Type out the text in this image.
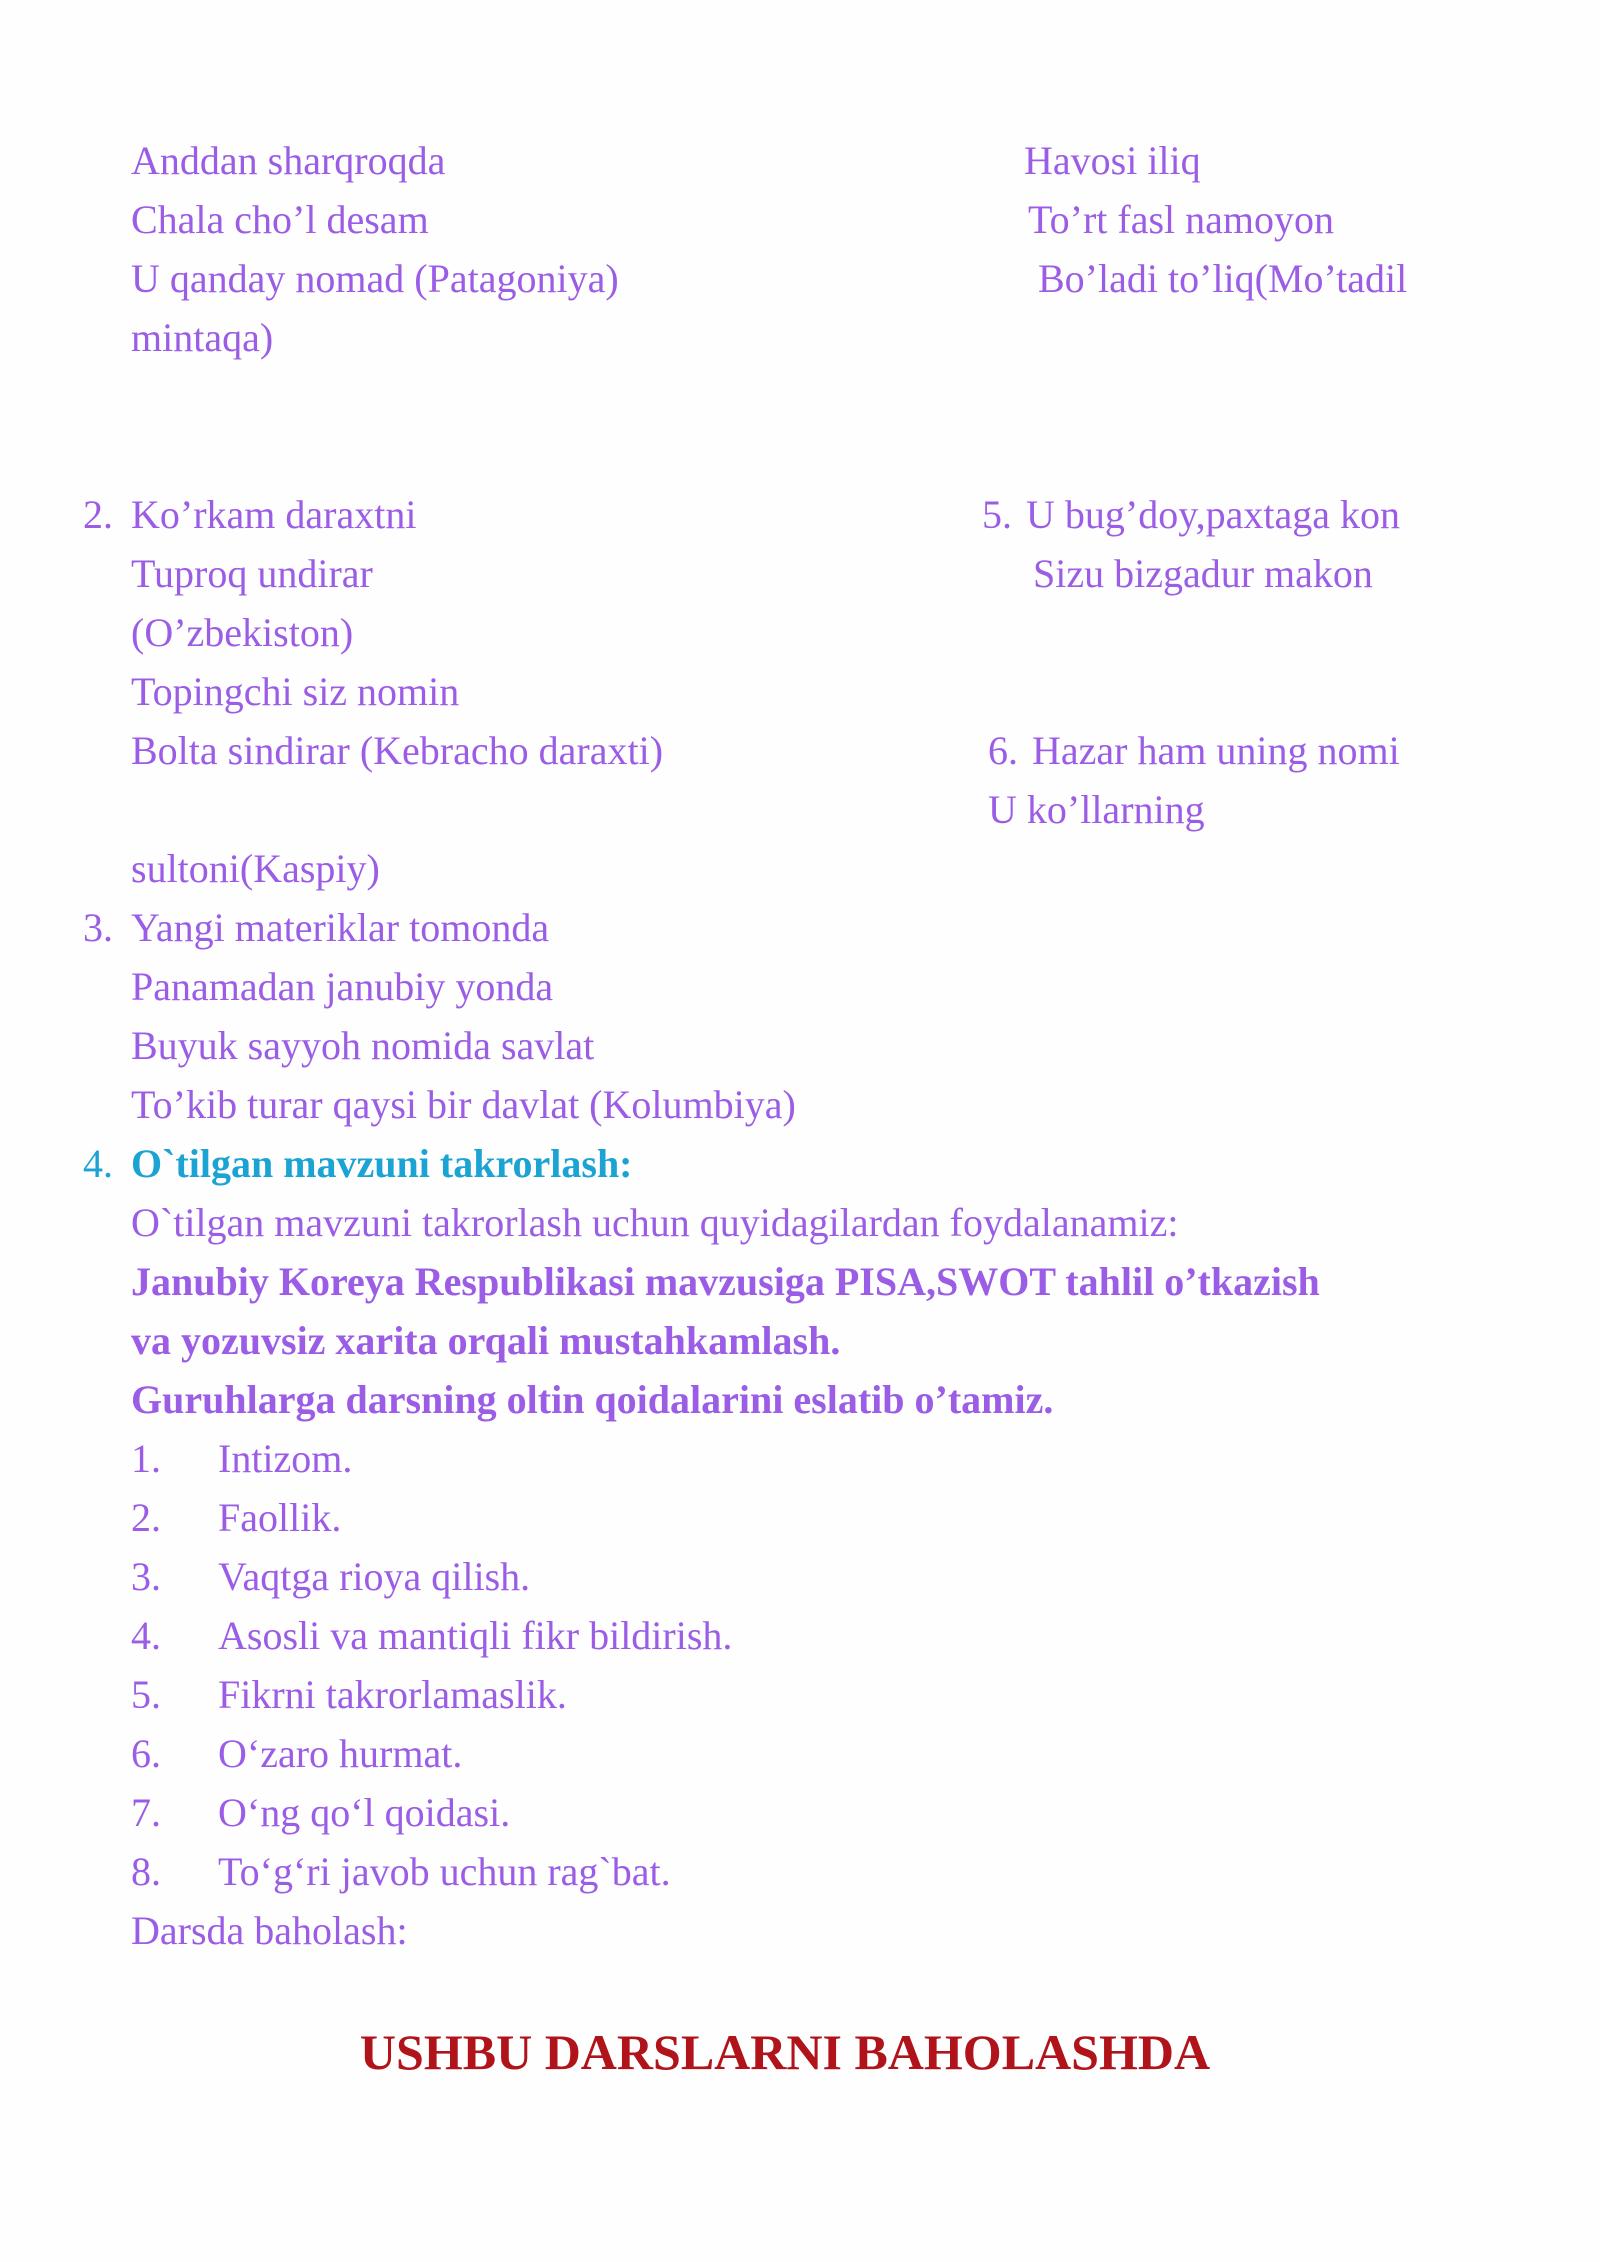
Anddan sharqroqda
Chala cho’l desam
U qanday nomad (Patagoniya)
mintaqa)
Havosi iliq
To’rt fasl namoyon
Bo’ladi to’liq(Mo’tadil
2. Ko’rkam daraxtni
Tuproq undirar
(O’zbekiston)
Topingchi siz nomin
Bolta sindirar (Kebracho daraxti)
5. U bug’doy,paxtaga kon
Sizu bizgadur makon
6. Hazar ham uning nomi
U ko’llarning
sultoni(Kaspiy)
3. Yangi materiklar tomonda
Panamadan janubiy yonda
Buyuk sayyoh nomida savlat
To’kib turar qaysi bir davlat (Kolumbiya)
4. O`tilgan mavzuni takrorlash:
O`tilgan mavzuni takrorlash uchun quyidagilardan foydalanamiz:
Janubiy Koreya Respublikasi mavzusiga PISA,SWOT tahlil o’tkazish
va yozuvsiz xarita orqali mustahkamlash.
Guruhlarga darsning oltin qoidalarini eslatib o’tamiz.
1. Intizom.
2. Faollik.
3. Vaqtga rioya qilish.
4. Asosli va mantiqli fikr bildirish.
5. Fikrni takrorlamaslik.
6. O‘zaro hurmat.
7. O‘ng qo‘l qoidasi.
8. To‘g‘ri javob uchun rag`bat.
Darsda baholash:
USHBU DARSLARNI BAHOLASHDA
